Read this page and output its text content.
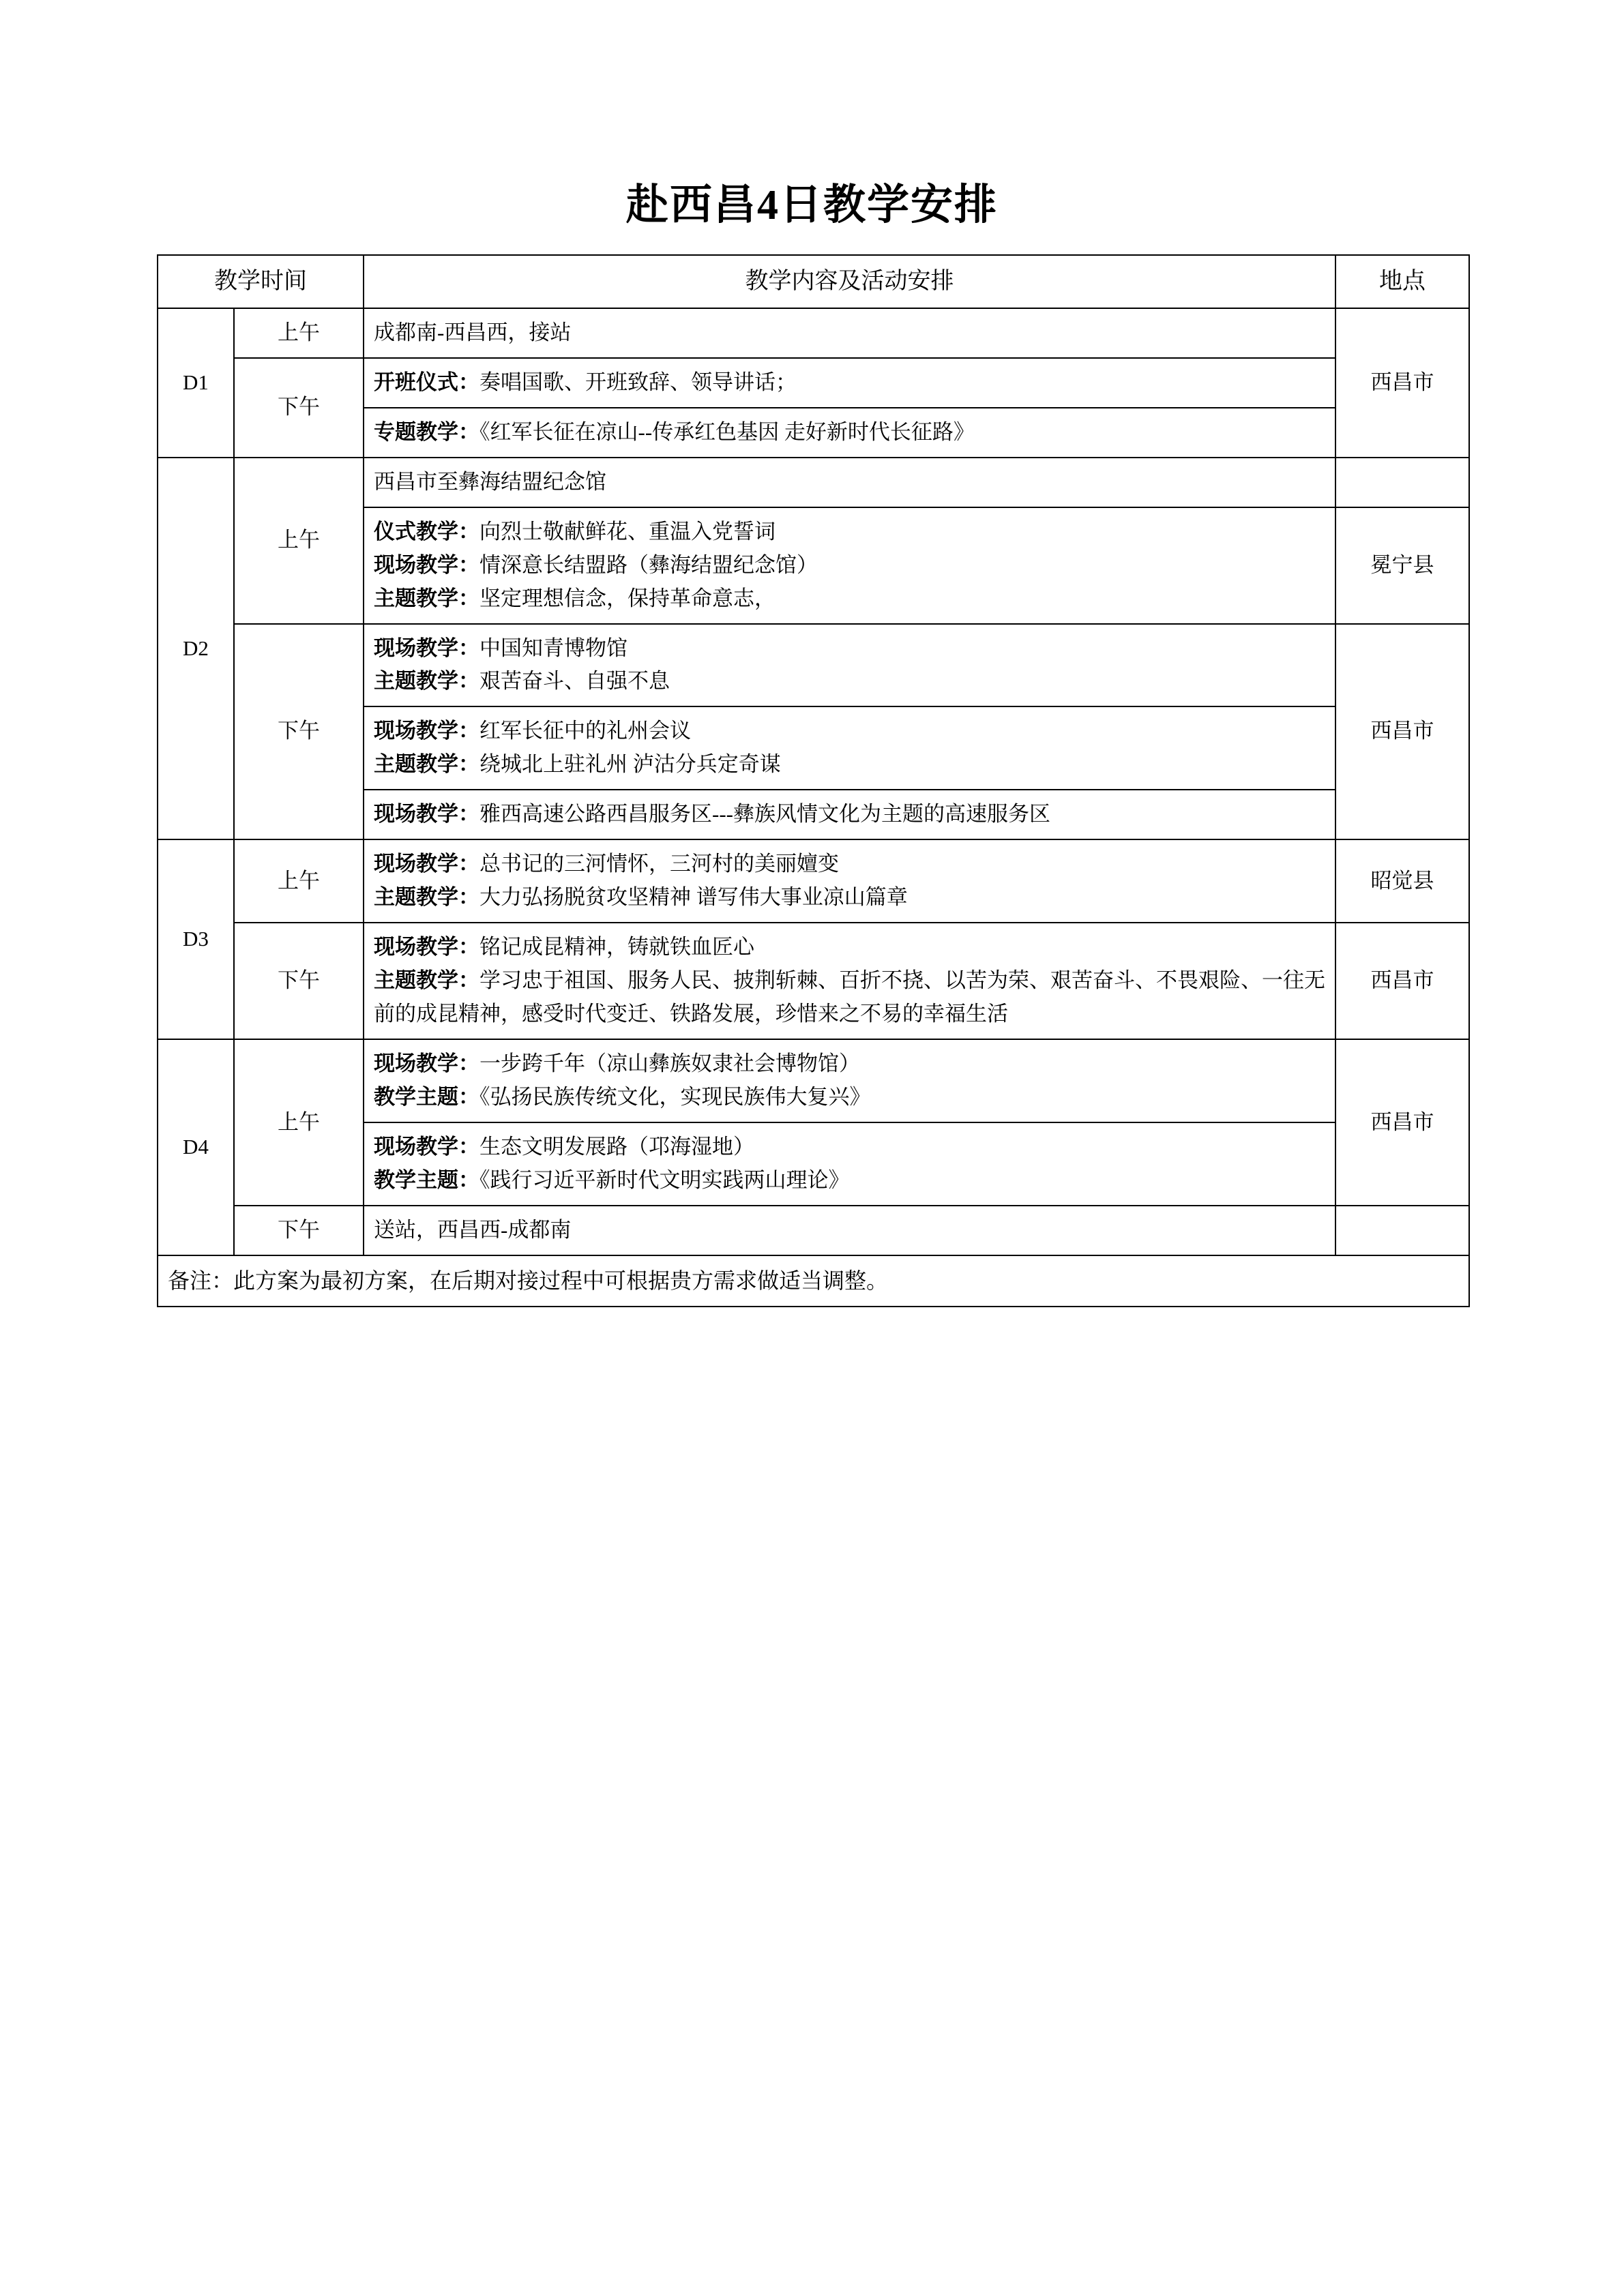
赴西昌4日教学安排
教学时间		教学内容及活动安排	地点
D1	上午	成都南-西昌西，接站	西昌市
	下午	开班仪式：奏唱国歌、开班致辞、领导讲话；	

		专题教学：《红军长征在凉山--传承红色基因 走好新时代长征路》	

D2	上午	西昌市至彝海结盟纪念馆	

		仪式教学：向烈士敬献鲜花、重温入党誓词
现场教学：情深意长结盟路（彝海结盟纪念馆）
主题教学：坚定理想信念，保持革命意志，	冕宁县
	下午	现场教学：中国知青博物馆
主题教学：艰苦奋斗、自强不息	西昌市

		现场教学：红军长征中的礼州会议
主题教学：绕城北上驻礼州 泸沽分兵定奇谋	

		现场教学：雅西高速公路西昌服务区---彝族风情文化为主题的高速服务区	

D3	上午	现场教学：总书记的三河情怀，三河村的美丽嬗变
主题教学：大力弘扬脱贫攻坚精神 谱写伟大事业凉山篇章	昭觉县
	下午	现场教学：铭记成昆精神，铸就铁血匠心
主题教学：学习忠于祖国、服务人民、披荆斩棘、百折不挠、以苦为荣、艰苦奋斗、不畏艰险、一往无前的成昆精神，感受时代变迁、铁路发展，珍惜来之不易的幸福生活	西昌市
D4	上午	现场教学：一步跨千年（凉山彝族奴隶社会博物馆）
教学主题：《弘扬民族传统文化，实现民族伟大复兴》	西昌市

		现场教学：生态文明发展路（邛海湿地）
教学主题：《践行习近平新时代文明实践两山理论》	

	下午	送站，西昌西-成都南	

备注：此方案为最初方案，在后期对接过程中可根据贵方需求做适当调整。			
